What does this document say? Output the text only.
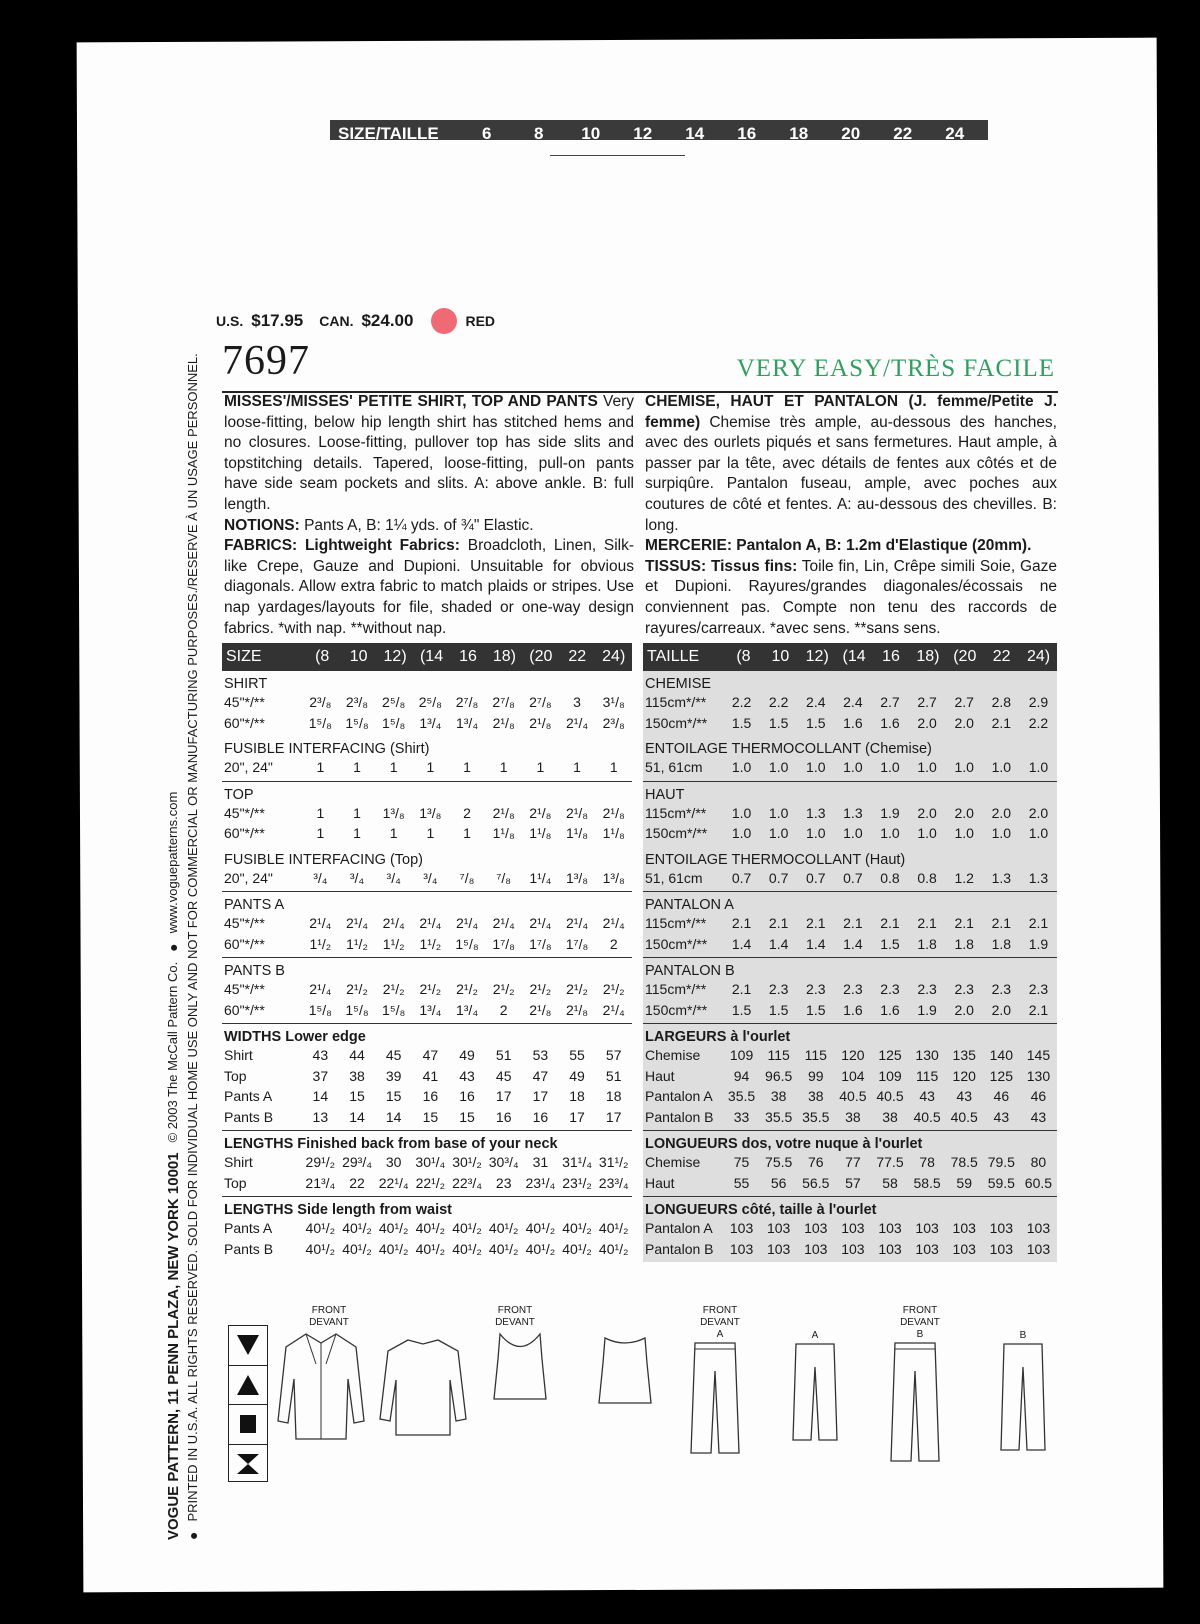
SIZE/TAILLE	6	8	10	12	14	16	18	20	22	24
VOGUE PATTERN, 11 PENN PLAZA, NEW YORK 10001
© 2003 The McCall Pattern Co.
●
www.voguepatterns.com
●
PRINTED IN U.S.A. ALL RIGHTS RESERVED. SOLD FOR INDIVIDUAL HOME USE ONLY AND NOT FOR COMMERCIAL OR MANUFACTURING PURPOSES./RESERVE À UN USAGE PERSONNEL.
U.S. $17.95 CAN. $24.00	RED
7697	VERY EASY/TRÈS FACILE

MISSES'/MISSES' PETITE SHIRT, TOP AND PANTS Very loose-fitting, below hip length shirt has stitched hems and no closures. Loose-fitting, pullover top has side slits and topstitching details. Tapered, loose-fitting, pull-on pants have side seam pockets and slits. A: above ankle. B: full length.

NOTIONS: Pants A, B: 1¼ yds. of ¾" Elastic.

FABRICS: Lightweight Fabrics: Broadcloth, Linen, Silk-like Crepe, Gauze and Dupioni. Unsuitable for obvious diagonals. Allow extra fabric to match plaids or stripes. Use nap yardages/layouts for file, shaded or one-way design fabrics. *with nap. **without nap.

CHEMISE, HAUT ET PANTALON (J. femme/Petite J. femme) Chemise très ample, au-dessous des hanches, avec des ourlets piqués et sans fermetures. Haut ample, à passer par la tête, avec détails de fentes aux côtés et de surpiqûre. Pantalon fuseau, ample, avec poches aux coutures de côté et fentes. A: au-dessous des chevilles. B: long.

MERCERIE: Pantalon A, B: 1.2m d'Elastique (20mm).

TISSUS: Tissus fins: Toile fin, Lin, Crêpe simili Soie, Gaze et Dupioni. Rayures/grandes diagonales/écossais ne conviennent pas. Compte non tenu des raccords de rayures/carreaux. *avec sens. **sans sens.

SIZE	(8	10 12) (14 16 18) (20 22 24)
SHIRT
45"*/**	2³/₈	2³/₈ 2⁵/₈ 2⁵/₈ 2⁷/₈	2⁷/₈	2⁷/₈	3	3¹/₈
60"*/**	1⁵/₈ 1⁵/₈ 1⁵/₈ 1³/₄	1³/₄	2¹/₈	2¹/₈	2¹/₄	2³/₈
FUSIBLE INTERFACING (Shirt)
20", 24"	1	1	1	1	1	1	1	1	1
TOP
45"*/**	1	1	1³/₈	1³/₈	2	2¹/₈	2¹/₈	2¹/₈	2¹/₈
60"*/**	1	1	1	1	1	1¹/₈	1¹/₈	1¹/₈	1¹/₈
FUSIBLE INTERFACING (Top)
20", 24"	³/₄	³/₄	³/₄	³/₄	⁷/₈	⁷/₈	1¹/₄	1³/₈	1³/₈
PANTS A
45"*/**	2¹/₄	2¹/₄	2¹/₄	2¹/₄	2¹/₄	2¹/₄	2¹/₄	2¹/₄	2¹/₄
60"*/**	1¹/₂	1¹/₂	1¹/₂	1¹/₂	1⁵/₈ 1⁷/₈	1⁷/₈	1⁷/₈	2
PANTS B
45"*/**	2¹/₄	2¹/₂	2¹/₂	2¹/₂	2¹/₂	2¹/₂	2¹/₂	2¹/₂	2¹/₂
60"*/**	1⁵/₈ 1⁵/₈ 1⁵/₈ 1³/₄	1³/₄	2	2¹/₈	2¹/₈	2¹/₄
WIDTHS Lower edge
Shirt	43	44	45	47	49	51	53	55	57
Top	37	38	39	41	43	45	47	49	51
Pants A	14	15	15	16	16	17	17	18	18
Pants B	13	14	14	15	15	16	16	17	17
LENGTHS Finished back from base of your neck
Shirt	29¹/₂ 29³/₄ 30 30¹/₄ 30¹/₂ 30³/₄ 31 31¹/₄ 31¹/₂
Top	21³/₄ 22 22¹/₄ 22¹/₂ 22³/₄ 23 23¹/₄ 23¹/₂ 23³/₄
LENGTHS Side length from waist
Pants A	40¹/₂ 40¹/₂ 40¹/₂ 40¹/₂ 40¹/₂ 40¹/₂ 40¹/₂ 40¹/₂ 40¹/₂
Pants B	40¹/₂ 40¹/₂ 40¹/₂ 40¹/₂ 40¹/₂ 40¹/₂ 40¹/₂ 40¹/₂ 40¹/₂
TAILLE	(8	10	12) (14	16	18) (20	22	24)
CHEMISE
115cm*/**	2.2	2.2	2.4	2.4	2.7	2.7	2.7	2.8	2.9
150cm*/**	1.5	1.5	1.5	1.6	1.6	2.0	2.0	2.1	2.2
ENTOILAGE THERMOCOLLANT (Chemise)
51, 61cm	1.0	1.0	1.0	1.0	1.0	1.0	1.0	1.0	1.0
HAUT
115cm*/**	1.0	1.0	1.3	1.3	1.9	2.0	2.0	2.0	2.0
150cm*/**	1.0	1.0	1.0	1.0	1.0	1.0	1.0	1.0	1.0
ENTOILAGE THERMOCOLLANT (Haut)
51, 61cm	0.7	0.7	0.7	0.7	0.8	0.8	1.2	1.3	1.3
PANTALON A
115cm*/**	2.1	2.1	2.1	2.1	2.1	2.1	2.1	2.1	2.1
150cm*/**	1.4	1.4	1.4	1.4	1.5	1.8	1.8	1.8	1.9
PANTALON B
115cm*/**	2.1	2.3	2.3	2.3	2.3	2.3	2.3	2.3	2.3
150cm*/**	1.5	1.5	1.5	1.6	1.6	1.9	2.0	2.0	2.1
LARGEURS à l'ourlet
Chemise	109	115	115	120 125 130 135 140 145
Haut	94	96.5	99	104 109	115	120 125 130
Pantalon A	35.5	38	38	40.5 40.5	43	43	46	46
Pantalon B	33	35.5 35.5	38	38	40.5 40.5	43	43
LONGUEURS dos, votre nuque à l'ourlet
Chemise	75	75.5	76	77	77.5	78	78.5 79.5	80
Haut	55	56	56.5	57	58	58.5	59	59.5 60.5
LONGUEURS côté, taille à l'ourlet
Pantalon A	103 103 103 103 103 103 103 103 103
Pantalon B	103 103 103 103 103 103 103 103 103
FRONT
DEVANT
FRONT
DEVANT
FRONT
DEVANT
A	A
FRONT
DEVANT
B	B
